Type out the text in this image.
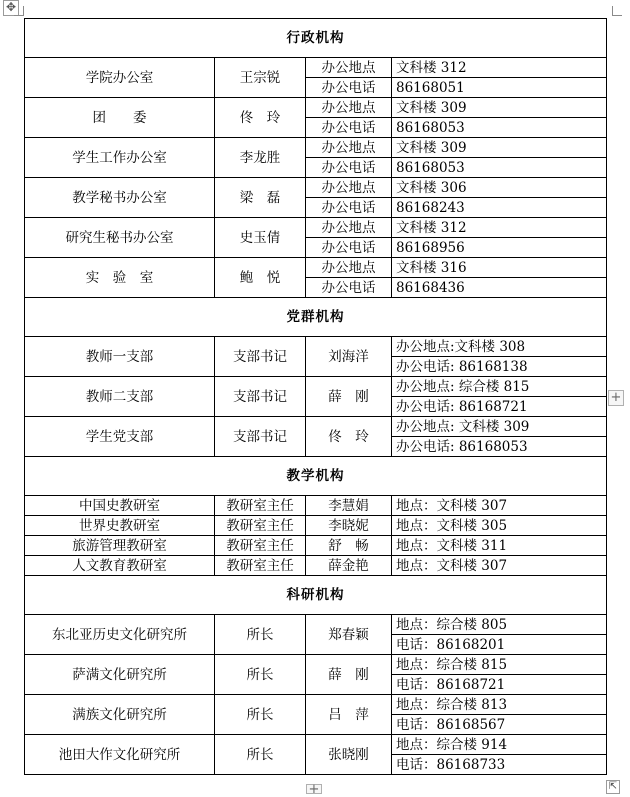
✥
行政机构			
学院办公室	王宗锐	办公地点	文科楼 312
		办公电话	86168051
团　　委	佟　玲	办公地点	文科楼 309
		办公电话	86168053
学生工作办公室	李龙胜	办公地点	文科楼 309
		办公电话	86168053
教学秘书办公室	梁　磊	办公地点	文科楼 306
		办公电话	86168243
研究生秘书办公室	史玉倩	办公地点	文科楼 312
		办公电话	86168956
实　验　室	鲍　悦	办公地点	文科楼 316
		办公电话	86168436
党群机构			
教师一支部	支部书记	刘海洋	办公地点:文科楼 308
			办公电话: 86168138
教师二支部	支部书记	薛　刚	办公地点: 综合楼 815
			办公电话: 86168721
学生党支部	支部书记	佟　玲	办公地点: 文科楼 309
			办公电话: 86168053
教学机构			
中国史教研室	教研室主任	李慧娟	地点：文科楼 307
世界史教研室	教研室主任	李晓妮	地点：文科楼 305
旅游管理教研室	教研室主任	舒　畅	地点：文科楼 311
人文教育教研室	教研室主任	薛金艳	地点：文科楼 307
科研机构			
东北亚历史文化研究所	所长	郑春颖	地点：综合楼 805
			电话：86168201
萨满文化研究所	所长	薛　刚	地点：综合楼 815
			电话：86168721
满族文化研究所	所长	吕　萍	地点：综合楼 813
			电话：86168567
池田大作文化研究所	所长	张晓刚	地点：综合楼 914
			电话：86168733
+
+	⇱
